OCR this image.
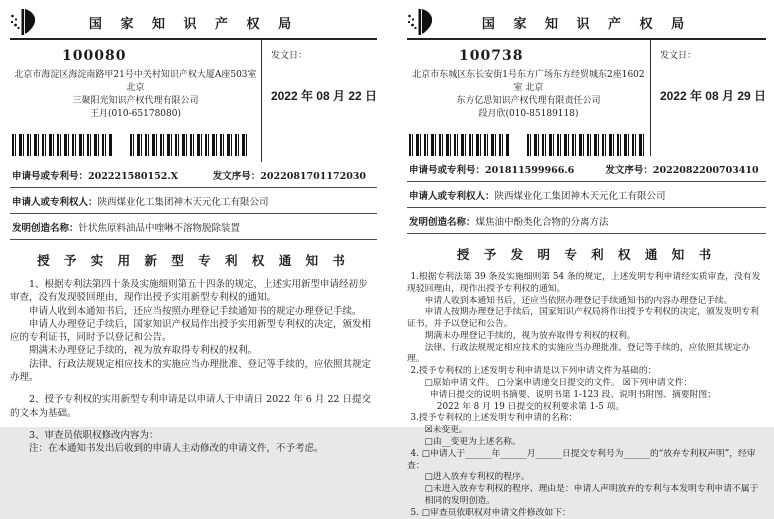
国 家 知 识 产 权 局
100080
北京市海淀区海淀南路甲21号中关村知识产权大厦A座503室 北京
三聚阳光知识产权代理有限公司
王月(010-65178080)
发文日：
2022 年 08 月 22 日
申请号或专利号：202221580152.X	发文序号：2022081701172030
申请人或专利权人： 陕西煤业化工集团神木天元化工有限公司
发明创造名称： 针状焦原料油品中喹啉不溶物脱除装置
授 予 实 用 新 型 专 利 权 通 知 书

1、根据专利法第四十条及实施细则第五十四条的规定，上述实用新型申请经初步审查，没有发现驳回理由，现作出授予实用新型专利权的通知。

申请人收到本通知书后，还应当按照办理登记手续通知书的规定办理登记手续。

申请人办理登记手续后，国家知识产权局作出授予实用新型专利权的决定，颁发相应的专利证书，同时予以登记和公告。

期满未办理登记手续的，视为放弃取得专利权的权利。

法律、行政法规规定相应技术的实施应当办理批准、登记等手续的，应依照其规定办理。

2、授予专利权的实用新型专利申请是以申请人于申请日 2022 年 6 月 22 日提交的文本为基础。

3、审查员依职权修改内容为：

注：在本通知书发出后收到的申请人主动修改的申请文件，不予考虑。

国 家 知 识 产 权 局
100738
北京市东城区东长安街1号东方广场东方经贸城东2座1602室 北京
东方亿思知识产权代理有限责任公司
段月欣(010-85189118)
发文日：
2022 年 08 月 29 日
申请号或专利号：201811599966.6	发文序号：2022082200703410
申请人或专利权人： 陕西煤业化工集团神木天元化工有限公司
发明创造名称： 煤焦油中酚类化合物的分离方法
授 予 发 明 专 利 权 通 知 书

1.根据专利法第 39 条及实施细则第 54 条的规定，上述发明专利申请经实质审查，没有发现驳回理由，现作出授予专利权的通知。

申请人收到本通知书后，还应当依照办理登记手续通知书的内容办理登记手续。

申请人按期办理登记手续后，国家知识产权局将作出授予专利权的决定，颁发发明专利证书，并予以登记和公告。

期满未办理登记手续的，视为放弃取得专利权的权利。

法律、行政法规规定相应技术的实施应当办理批准、登记等手续的，应依照其规定办理。

2.授予专利权的上述发明专利申请是以下列申请文件为基础的：

□原始申请文件。 □分案申请递交日提交的文件。 ☒下列申请文件：

申请日提交的说明书摘要、说明书第 1-123 段、说明书附图、摘要附图；

2022 年 8 月 19 日提交的权利要求第 1-5 项。

3.授予专利权的上述发明专利申请的名称：

☒未变更。

□由__变更为上述名称。

4. □申请人于______年______月______日提交专利号为______的“放弃专利权声明”，经审查：

□进入放弃专利权的程序。

□未进入放弃专利权的程序、理由是：申请人声明放弃的专利与本发明专利申请不属于相同的发明创造。

5. □审查员依职权对申请文件修改如下：
